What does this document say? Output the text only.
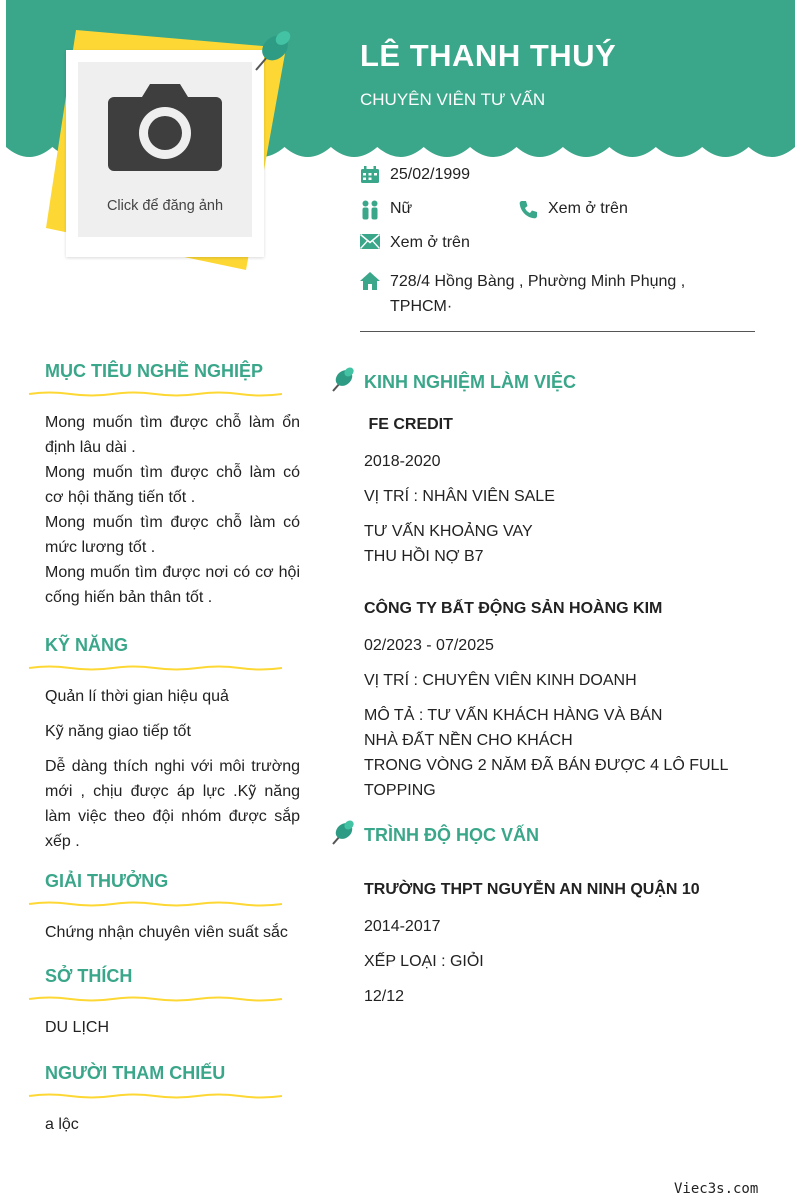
LÊ THANH THUÝ

CHUYÊN VIÊN TƯ VẤN

Click để đăng ảnh
25/02/1999
Nữ	Xem ở trên
Xem ở trên
728/4 Hồng Bàng , Phường Minh Phụng ,
TPHCM·
MỤC TIÊU NGHỀ NGHIỆP
Mong muốn tìm được chỗ làm ổn định lâu dài .
Mong muốn tìm được chỗ làm có cơ hội thăng tiến tốt .
Mong muốn tìm được chỗ làm có mức lương tốt .
Mong muốn tìm được nơi có cơ hội cống hiến bản thân tốt .
KỸ NĂNG
Quản lí thời gian hiệu quả
Kỹ năng giao tiếp tốt
Dễ dàng thích nghi với môi trường mới , chịu được áp lực .Kỹ năng làm việc theo đội nhóm được sắp xếp .
GIẢI THƯỞNG
Chứng nhận chuyên viên suất sắc
SỞ THÍCH
DU LỊCH
NGƯỜI THAM CHIẾU
a lộc
KINH NGHIỆM LÀM VIỆC
FE CREDIT
2018-2020
VỊ TRÍ : NHÂN VIÊN SALE
TƯ VẤN KHOẢNG VAY
THU HỒI NỢ B7
CÔNG TY BẤT ĐỘNG SẢN HOÀNG KIM
02/2023 - 07/2025
VỊ TRÍ : CHUYÊN VIÊN KINH DOANH
MÔ TẢ : TƯ VẤN KHÁCH HÀNG VÀ BÁN
NHÀ ĐẤT NỀN CHO KHÁCH
TRONG VÒNG 2 NĂM ĐÃ BÁN ĐƯỢC 4 LÔ FULL TOPPING
TRÌNH ĐỘ HỌC VẤN
TRƯỜNG THPT NGUYỄN AN NINH QUẬN 10
2014-2017
XẾP LOẠI : GIỎI
12/12
Viec3s.com
